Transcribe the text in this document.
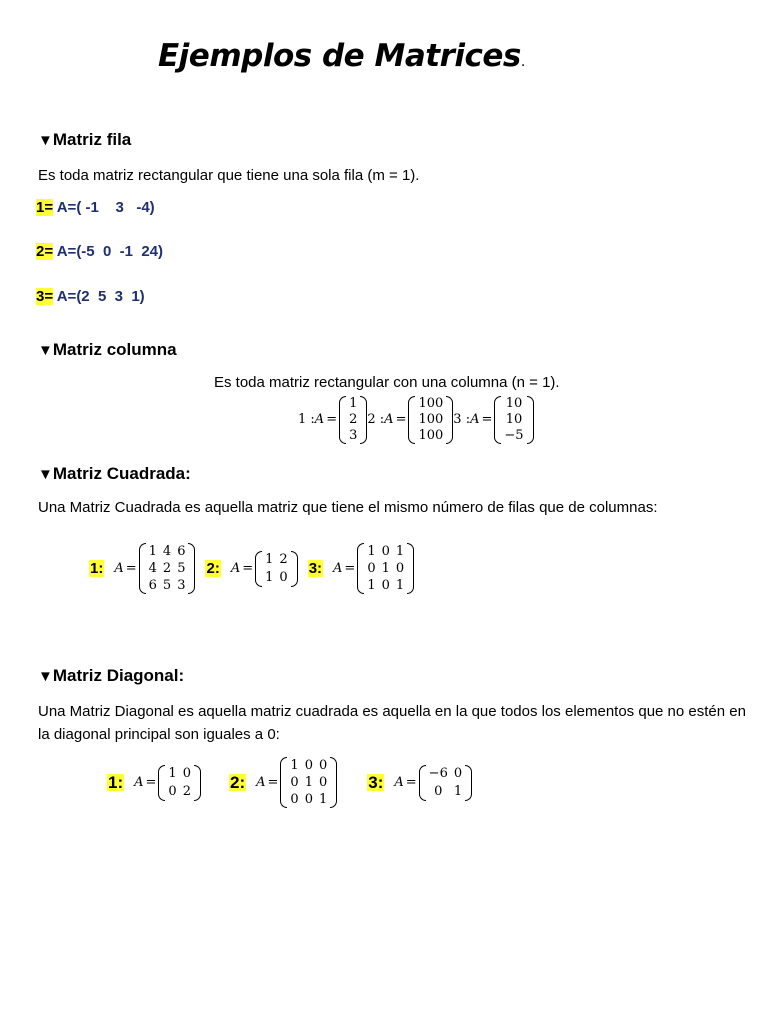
Ejemplos de Matrices.
▼Matriz fila
Es toda matriz rectangular que tiene una sola fila (m = 1).
1= A=( -1    3   -4)
2= A=(-5  0  -1  24)
3= A=(2  5  3  1)
▼Matriz columna
Es toda matriz rectangular con una columna (n = 1).
1 : A =
1
2
3
2 : A =
100
100
100
3 : A =
10
10
−5
▼Matriz Cuadrada:
Una Matriz Cuadrada es aquella matriz que tiene el mismo número de filas que de columnas:
1: A =
1	4	6
4	2	5
6	5	3
2: A =
1	2
1	0
3: A =
1	0	1
0	1	0
1	0	1
▼Matriz Diagonal:
Una Matriz Diagonal es aquella matriz cuadrada es aquella en la que todos los elementos que no estén en la diagonal principal son iguales a 0:
1: A =
1	0
0	2 2: A =
1	0	0
0	1	0
0	0	1
3: A =
−6	0
0	1
